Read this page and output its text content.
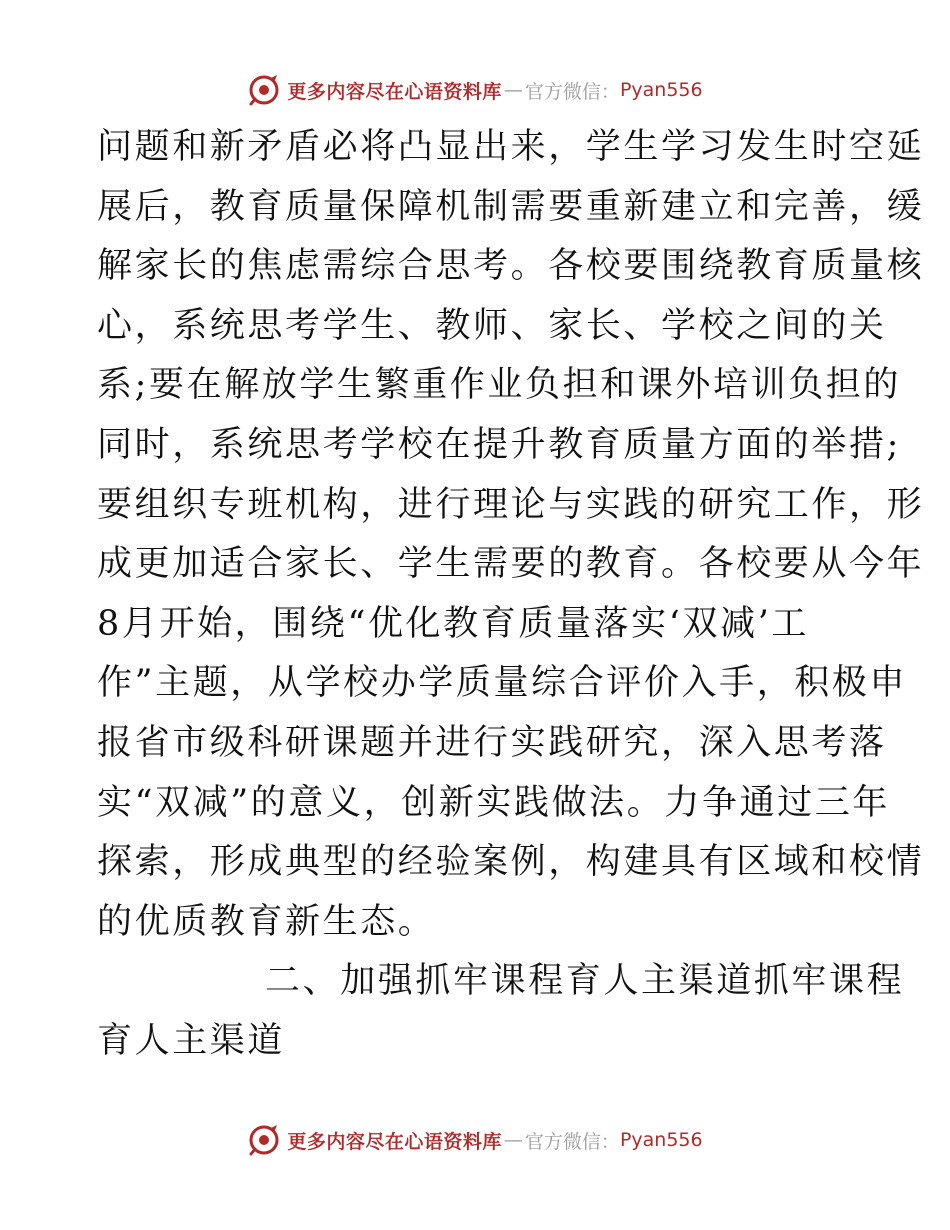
更多内容尽在心语资料库 — 官方微信： Pyan556
问题和新矛盾必将凸显出来，学生学习发生时空延
展后，教育质量保障机制需要重新建立和完善，缓
解家长的焦虑需综合思考。各校要围绕教育质量核
心，系统思考学生、教师、家长、学校之间的关
系;要在解放学生繁重作业负担和课外培训负担的
同时，系统思考学校在提升教育质量方面的举措;
要组织专班机构，进行理论与实践的研究工作，形
成更加适合家长、学生需要的教育。各校要从今年
8月开始，围绕“优化教育质量落实‘双减’工
作”主题，从学校办学质量综合评价入手，积极申
报省市级科研课题并进行实践研究，深入思考落
实“双减”的意义，创新实践做法。力争通过三年
探索，形成典型的经验案例，构建具有区域和校情
的优质教育新生态。
二、加强抓牢课程育人主渠道抓牢课程
育人主渠道
更多内容尽在心语资料库 — 官方微信： Pyan556
